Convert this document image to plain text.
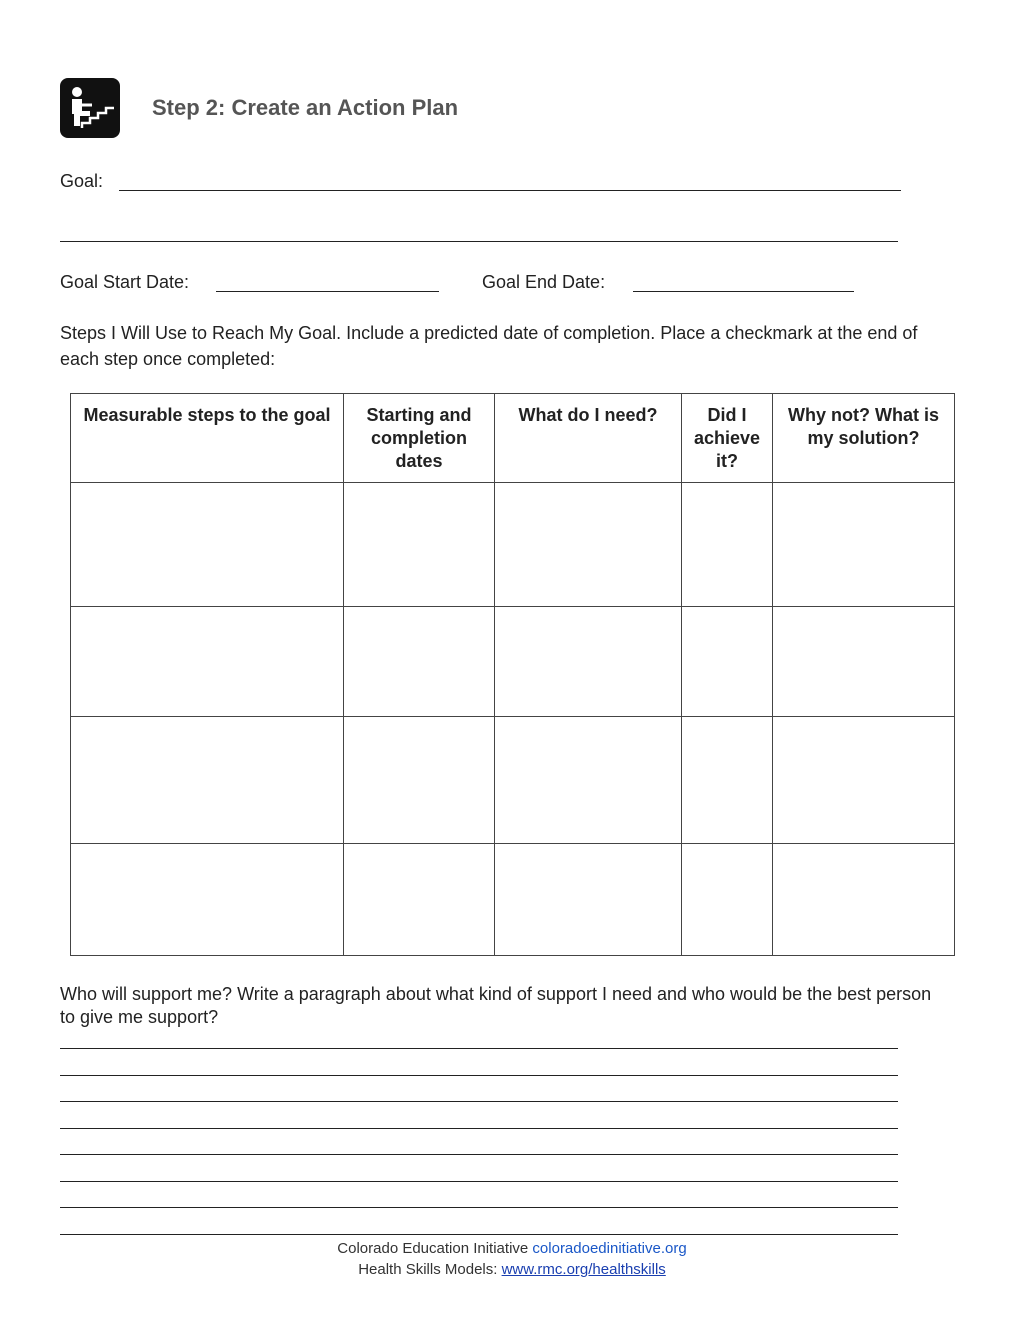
Step 2: Create an Action Plan
Goal:
Goal Start Date:	Goal End Date:
Steps I Will Use to Reach My Goal. Include a predicted date of completion. Place a checkmark at the end of each step once completed:
Measurable steps to the goal	Starting and completion dates	What do I need?	Did I achieve it?	Why not? What is my solution?

Who will support me? Write a paragraph about what kind of support I need and who would be the best person to give me support?
Colorado Education Initiative coloradoedinitiative.org
Health Skills Models: www.rmc.org/healthskills
